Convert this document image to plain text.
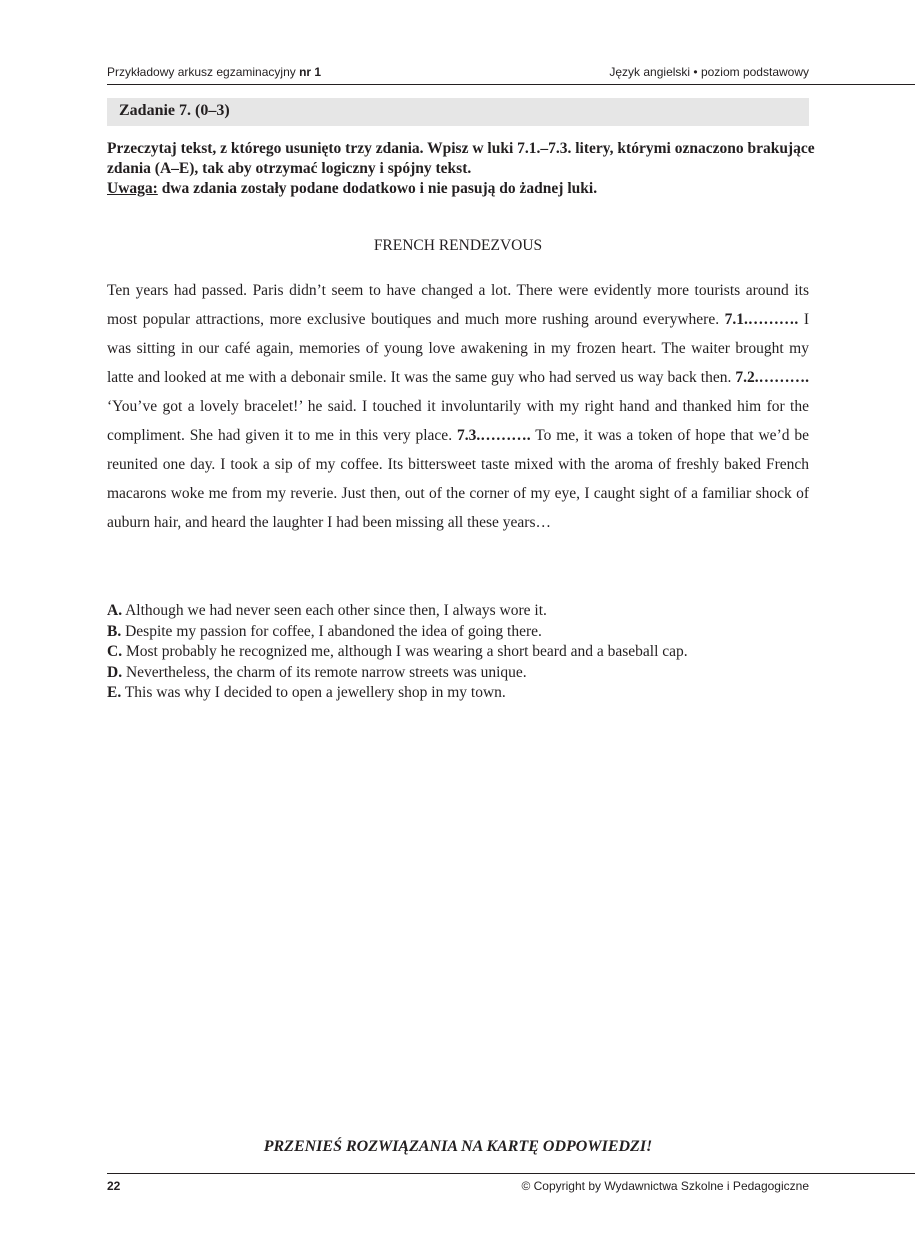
Przykładowy arkusz egzaminacyjny nr 1	Język angielski • poziom podstawowy
Zadanie 7. (0–3)
Przeczytaj tekst, z którego usunięto trzy zdania. Wpisz w luki 7.1.–7.3. litery, którymi oznaczono brakujące zdania (A–E), tak aby otrzymać logiczny i spójny tekst.
Uwaga: dwa zdania zostały podane dodatkowo i nie pasują do żadnej luki.
FRENCH RENDEZVOUS
Ten years had passed. Paris didn’t seem to have changed a lot. There were evidently more tourists around its most popular attractions, more exclusive boutiques and much more rushing around everywhere. 7.1.………. I was sitting in our café again, memories of young love awakening in my frozen heart. The waiter brought my latte and looked at me with a debonair smile. It was the same guy who had served us way back then. 7.2.………. ‘You’ve got a lovely bracelet!’ he said. I touched it involuntarily with my right hand and thanked him for the compliment. She had given it to me in this very place. 7.3.………. To me, it was a token of hope that we’d be reunited one day. I took a sip of my coffee. Its bittersweet taste mixed with the aroma of freshly baked French macarons woke me from my reverie. Just then, out of the corner of my eye, I caught sight of a familiar shock of auburn hair, and heard the laughter I had been missing all these years…
A. Although we had never seen each other since then, I always wore it.
B. Despite my passion for coffee, I abandoned the idea of going there.
C. Most probably he recognized me, although I was wearing a short beard and a baseball cap.
D. Nevertheless, the charm of its remote narrow streets was unique.
E. This was why I decided to open a jewellery shop in my town.
PRZENIEŚ ROZWIĄZANIA NA KARTĘ ODPOWIEDZI!
22	© Copyright by Wydawnictwa Szkolne i Pedagogiczne
